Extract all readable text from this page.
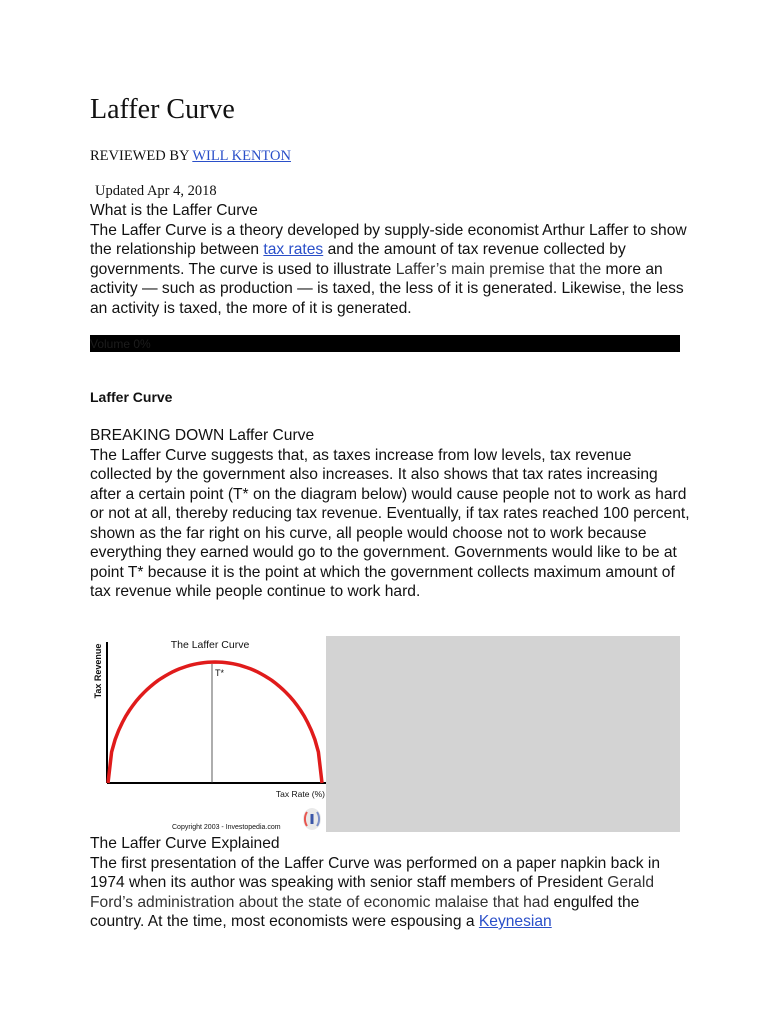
Laffer Curve
REVIEWED BY WILL KENTON
Updated Apr 4, 2018

What is the Laffer Curve

The Laffer Curve is a theory developed by supply-side economist Arthur Laffer to show the relationship between tax rates and the amount of tax revenue collected by governments. The curve is used to illustrate Laffer’s main premise that the more an activity — such as production — is taxed, the less of it is generated. Likewise, the less an activity is taxed, the more of it is generated.

Volume 0%

Laffer Curve

BREAKING DOWN Laffer Curve

The Laffer Curve suggests that, as taxes increase from low levels, tax revenue collected by the government also increases. It also shows that tax rates increasing after a certain point (T* on the diagram below) would cause people not to work as hard or not at all, thereby reducing tax revenue. Eventually, if tax rates reached 100 percent, shown as the far right on his curve, all people would choose not to work because everything they earned would go to the government. Governments would like to be at point T* because it is the point at which the government collects maximum amount of tax revenue while people continue to work hard.

The Laffer Curve
Tax Revenue	T*
Tax Rate (%)
Copyright 2003 - Investopedia.com

The Laffer Curve Explained

The first presentation of the Laffer Curve was performed on a paper napkin back in 1974 when its author was speaking with senior staff members of President Gerald Ford’s administration about the state of economic malaise that had engulfed the country. At the time, most economists were espousing a Keynesian
